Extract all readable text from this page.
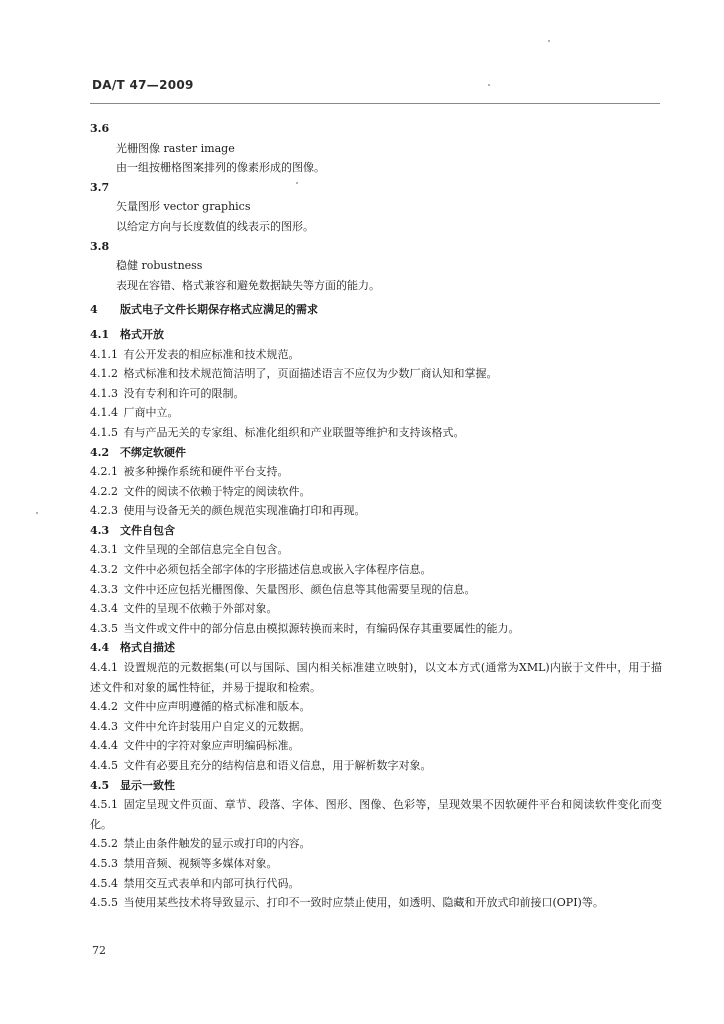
DA/T 47—2009
3.6
光栅图像 raster image
由一组按栅格图案排列的像素形成的图像。
3.7
矢量图形 vector graphics
以给定方向与长度数值的线表示的图形。
3.8
稳健 robustness
表现在容错、格式兼容和避免数据缺失等方面的能力。
4 版式电子文件长期保存格式应满足的需求
4.1 格式开放
4.1.1 有公开发表的相应标准和技术规范。
4.1.2 格式标准和技术规范简洁明了，页面描述语言不应仅为少数厂商认知和掌握。
4.1.3 没有专利和许可的限制。
4.1.4 厂商中立。
4.1.5 有与产品无关的专家组、标准化组织和产业联盟等维护和支持该格式。
4.2 不绑定软硬件
4.2.1 被多种操作系统和硬件平台支持。
4.2.2 文件的阅读不依赖于特定的阅读软件。
4.2.3 使用与设备无关的颜色规范实现准确打印和再现。
4.3 文件自包含
4.3.1 文件呈现的全部信息完全自包含。
4.3.2 文件中必须包括全部字体的字形描述信息或嵌入字体程序信息。
4.3.3 文件中还应包括光栅图像、矢量图形、颜色信息等其他需要呈现的信息。
4.3.4 文件的呈现不依赖于外部对象。
4.3.5 当文件或文件中的部分信息由模拟源转换而来时，有编码保存其重要属性的能力。
4.4 格式自描述
4.4.1 设置规范的元数据集(可以与国际、国内相关标准建立映射)，以文本方式(通常为XML)内嵌于文件中，用于描述文件和对象的属性特征，并易于提取和检索。
4.4.2 文件中应声明遵循的格式标准和版本。
4.4.3 文件中允许封装用户自定义的元数据。
4.4.4 文件中的字符对象应声明编码标准。
4.4.5 文件有必要且充分的结构信息和语义信息，用于解析数字对象。
4.5 显示一致性
4.5.1 固定呈现文件页面、章节、段落、字体、图形、图像、色彩等，呈现效果不因软硬件平台和阅读软件变化而变化。
4.5.2 禁止由条件触发的显示或打印的内容。
4.5.3 禁用音频、视频等多媒体对象。
4.5.4 禁用交互式表单和内部可执行代码。
4.5.5 当使用某些技术将导致显示、打印不一致时应禁止使用，如透明、隐藏和开放式印前接口(OPI)等。
72
